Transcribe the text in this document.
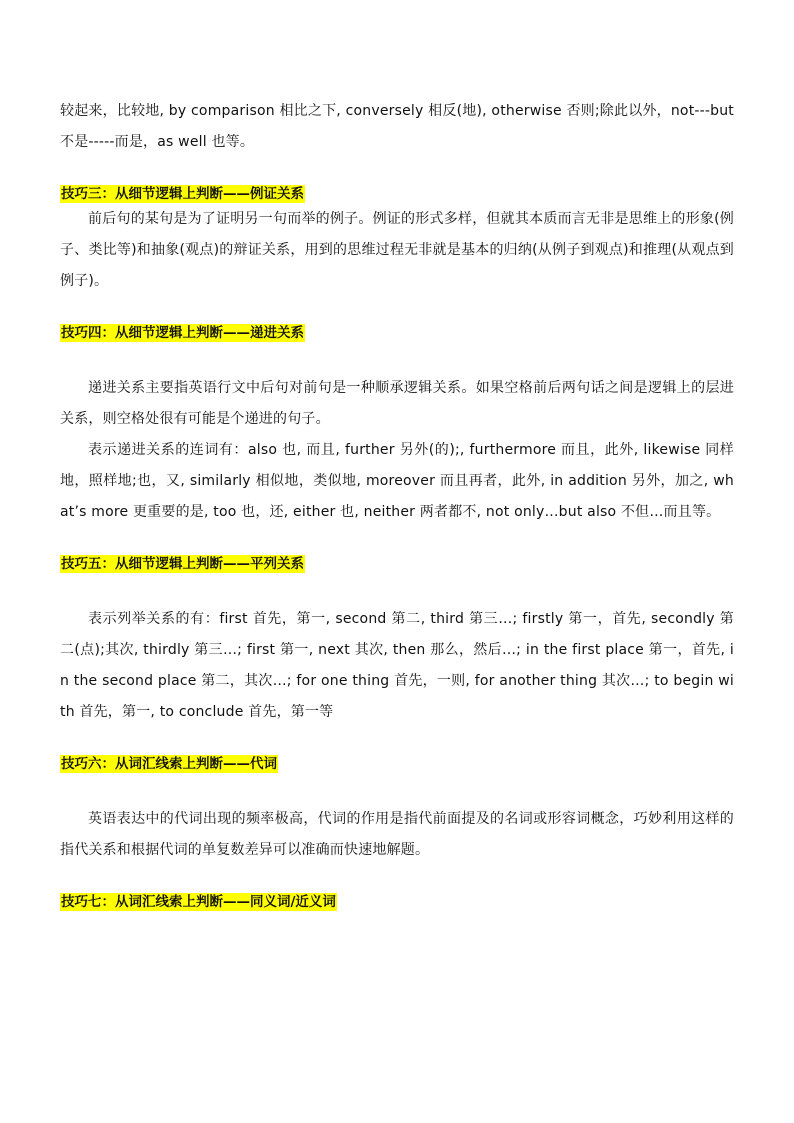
较起来，比较地, by comparison 相比之下, conversely 相反(地), otherwise 否则;除此以外，not---but 不是-----而是，as well 也等。

技巧三：从细节逻辑上判断——例证关系

前后句的某句是为了证明另一句而举的例子。例证的形式多样，但就其本质而言无非是思维上的形象(例子、类比等)和抽象(观点)的辩证关系，用到的思维过程无非就是基本的归纳(从例子到观点)和推理(从观点到例子)。

技巧四：从细节逻辑上判断——递进关系

递进关系主要指英语行文中后句对前句是一种顺承逻辑关系。如果空格前后两句话之间是逻辑上的层进关系，则空格处很有可能是个递进的句子。

表示递进关系的连词有：also 也, 而且, further 另外(的);, furthermore 而且，此外, likewise 同样地，照样地;也，又, similarly 相似地，类似地, moreover 而且再者，此外, in addition 另外，加之, what’s more 更重要的是, too 也，还, either 也, neither 两者都不, not only…but also 不但…而且等。

技巧五：从细节逻辑上判断——平列关系

表示列举关系的有：first 首先，第一, second 第二, third 第三…; firstly 第一，首先, secondly 第二(点);其次, thirdly 第三…; first 第一, next 其次, then 那么，然后…; in the first place 第一，首先, in the second place 第二，其次…; for one thing 首先，一则, for another thing 其次…; to begin with 首先，第一, to conclude 首先，第一等

技巧六：从词汇线索上判断——代词

英语表达中的代词出现的频率极高，代词的作用是指代前面提及的名词或形容词概念，巧妙利用这样的指代关系和根据代词的单复数差异可以准确而快速地解题。

技巧七：从词汇线索上判断——同义词/近义词
